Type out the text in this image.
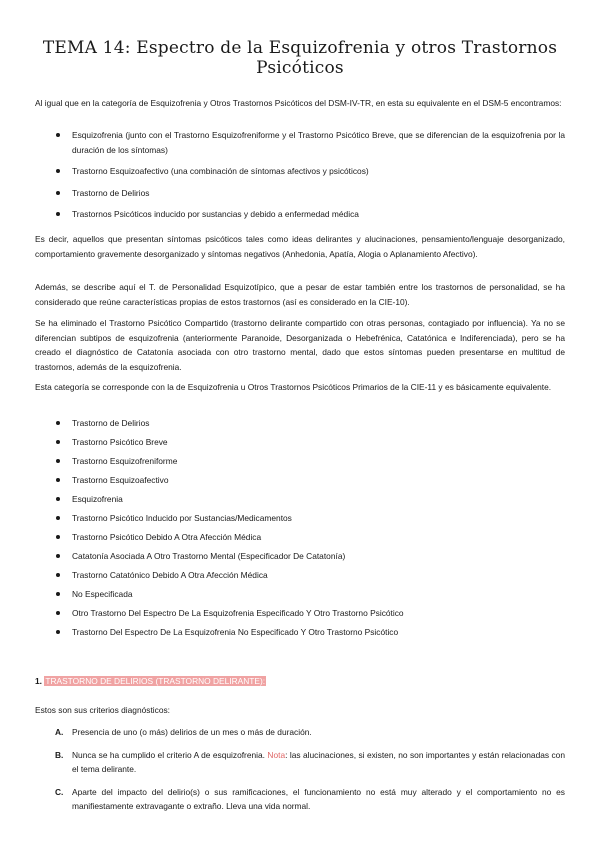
TEMA 14: Espectro de la Esquizofrenia y otros Trastornos Psicóticos

Al igual que en la categoría de Esquizofrenia y Otros Trastornos Psicóticos del DSM-IV-TR, en esta su equivalente en el DSM-5 encontramos:

Esquizofrenia (junto con el Trastorno Esquizofreniforme y el Trastorno Psicótico Breve, que se diferencian de la esquizofrenia por la duración de los síntomas)
Trastorno Esquizoafectivo (una combinación de síntomas afectivos y psicóticos)
Trastorno de Delirios
Trastornos Psicóticos inducido por sustancias y debido a enfermedad médica

Es decir, aquellos que presentan síntomas psicóticos tales como ideas delirantes y alucinaciones, pensamiento/lenguaje desorganizado, comportamiento gravemente desorganizado y síntomas negativos (Anhedonia, Apatía, Alogia o Aplanamiento Afectivo).

Además, se describe aquí el T. de Personalidad Esquizotípico, que a pesar de estar también entre los trastornos de personalidad, se ha considerado que reúne características propias de estos trastornos (así es considerado en la CIE-10).

Se ha eliminado el Trastorno Psicótico Compartido (trastorno delirante compartido con otras personas, contagiado por influencia). Ya no se diferencian subtipos de esquizofrenia (anteriormente Paranoide, Desorganizada o Hebefrénica, Catatónica e Indiferenciada), pero se ha creado el diagnóstico de Catatonía asociada con otro trastorno mental, dado que estos síntomas pueden presentarse en multitud de trastornos, además de la esquizofrenia.

Esta categoría se corresponde con la de Esquizofrenia u Otros Trastornos Psicóticos Primarios de la CIE-11 y es básicamente equivalente.

Trastorno de Delirios
Trastorno Psicótico Breve
Trastorno Esquizofreniforme
Trastorno Esquizoafectivo
Esquizofrenia
Trastorno Psicótico Inducido por Sustancias/Medicamentos
Trastorno Psicótico Debido A Otra Afección Médica
Catatonía Asociada A Otro Trastorno Mental (Especificador De Catatonía)
Trastorno Catatónico Debido A Otra Afección Médica
No Especificada
Otro Trastorno Del Espectro De La Esquizofrenia Especificado Y Otro Trastorno Psicótico
Trastorno Del Espectro De La Esquizofrenia No Especificado Y Otro Trastorno Psicótico
1. TRASTORNO DE DELIRIOS (TRASTORNO DELIRANTE):

Estos son sus criterios diagnósticos:

A. Presencia de uno (o más) delirios de un mes o más de duración.
B. Nunca se ha cumplido el criterio A de esquizofrenia. Nota: las alucinaciones, si existen, no son importantes y están relacionadas con el tema delirante.
C. Aparte del impacto del delirio(s) o sus ramificaciones, el funcionamiento no está muy alterado y el comportamiento no es manifiestamente extravagante o extraño. Lleva una vida normal.
